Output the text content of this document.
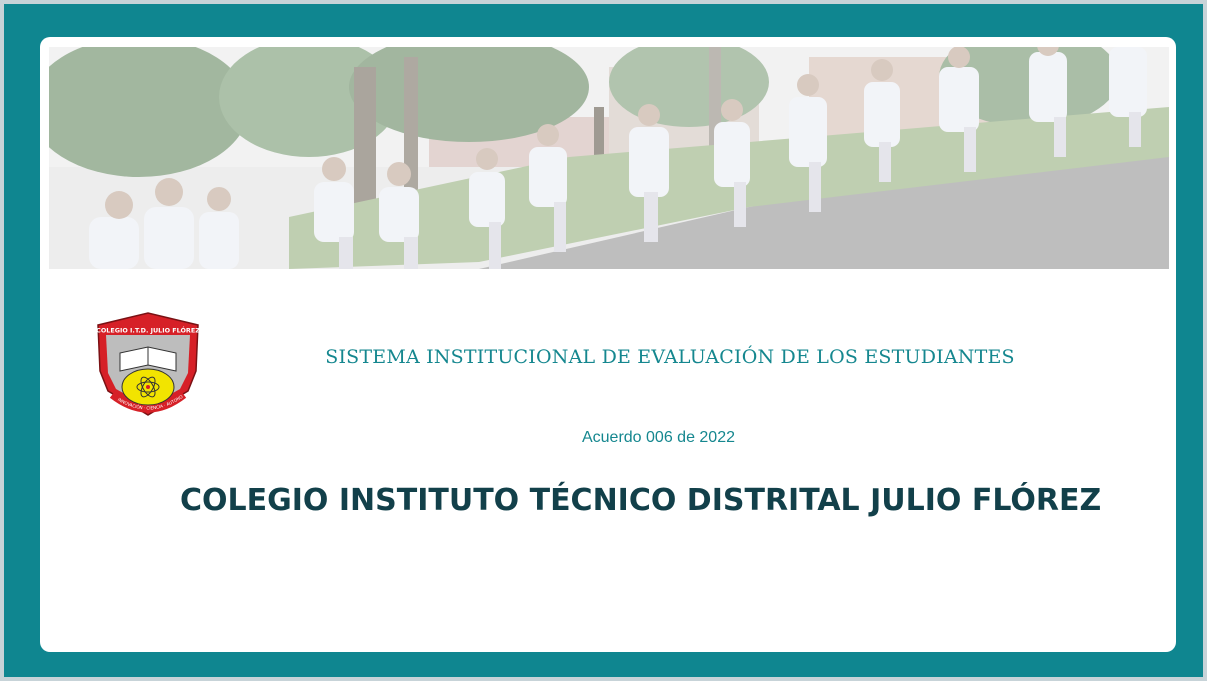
INNOVACIÓN · CIENCIA · AUTONO
COLEGIO I.T.D. JULIO FLÓREZ
SISTEMA INSTITUCIONAL DE EVALUACIÓN DE LOS ESTUDIANTES
Acuerdo 006 de 2022
COLEGIO INSTITUTO TÉCNICO DISTRITAL JULIO FLÓREZ
